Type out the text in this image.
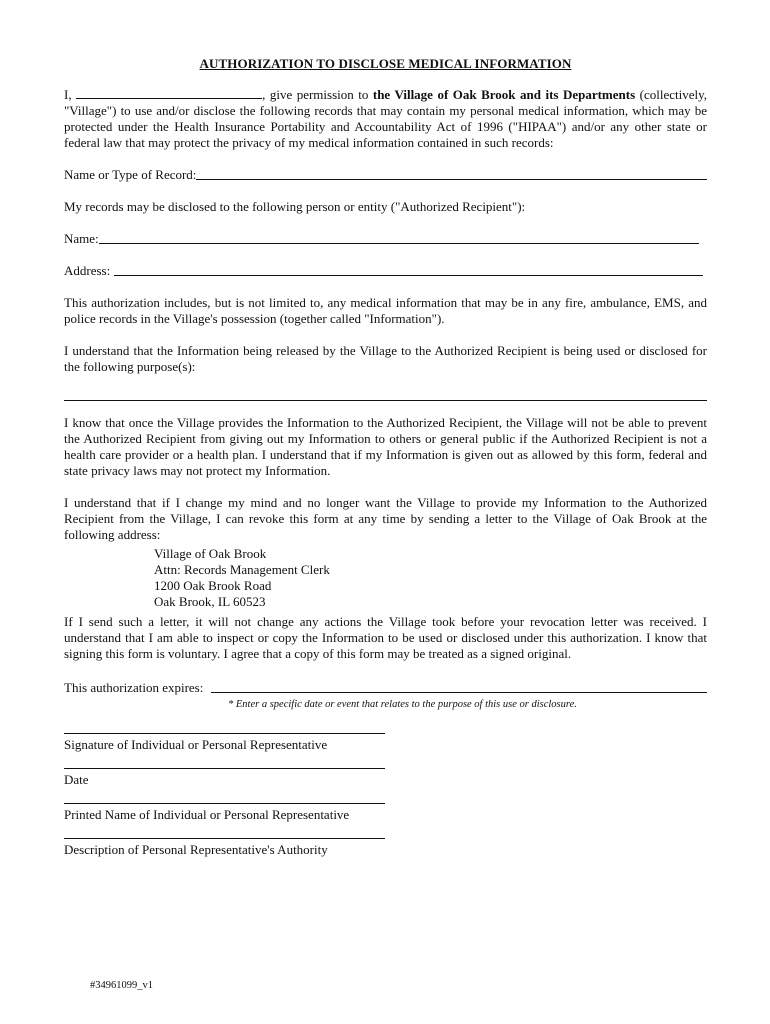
AUTHORIZATION TO DISCLOSE MEDICAL INFORMATION

I,	, give permission to the Village of Oak Brook and its Departments (collectively, "Village") to use and/or disclose the following records that may contain my personal medical information, which may be protected under the Health Insurance Portability and Accountability Act of 1996 ("HIPAA") and/or any other state or federal law that may protect the privacy of my medical information contained in such records:

Name or Type of Record:

My records may be disclosed to the following person or entity ("Authorized Recipient"):

Name:
Address:

This authorization includes, but is not limited to, any medical information that may be in any fire, ambulance, EMS, and police records in the Village's possession (together called "Information").

I understand that the Information being released by the Village to the Authorized Recipient is being used or disclosed for the following purpose(s):

I know that once the Village provides the Information to the Authorized Recipient, the Village will not be able to prevent the Authorized Recipient from giving out my Information to others or general public if the Authorized Recipient is not a health care provider or a health plan. I understand that if my Information is given out as allowed by this form, federal and state privacy laws may not protect my Information.

I understand that if I change my mind and no longer want the Village to provide my Information to the Authorized Recipient from the Village, I can revoke this form at any time by sending a letter to the Village of Oak Brook at the following address:

Village of Oak Brook
Attn: Records Management Clerk
1200 Oak Brook Road
Oak Brook, IL 60523

If I send such a letter, it will not change any actions the Village took before your revocation letter was received. I understand that I am able to inspect or copy the Information to be used or disclosed under this authorization. I know that signing this form is voluntary. I agree that a copy of this form may be treated as a signed original.

This authorization expires:
* Enter a specific date or event that relates to the purpose of this use or disclosure.
Signature of Individual or Personal Representative
Date
Printed Name of Individual or Personal Representative
Description of Personal Representative's Authority
#34961099_v1
